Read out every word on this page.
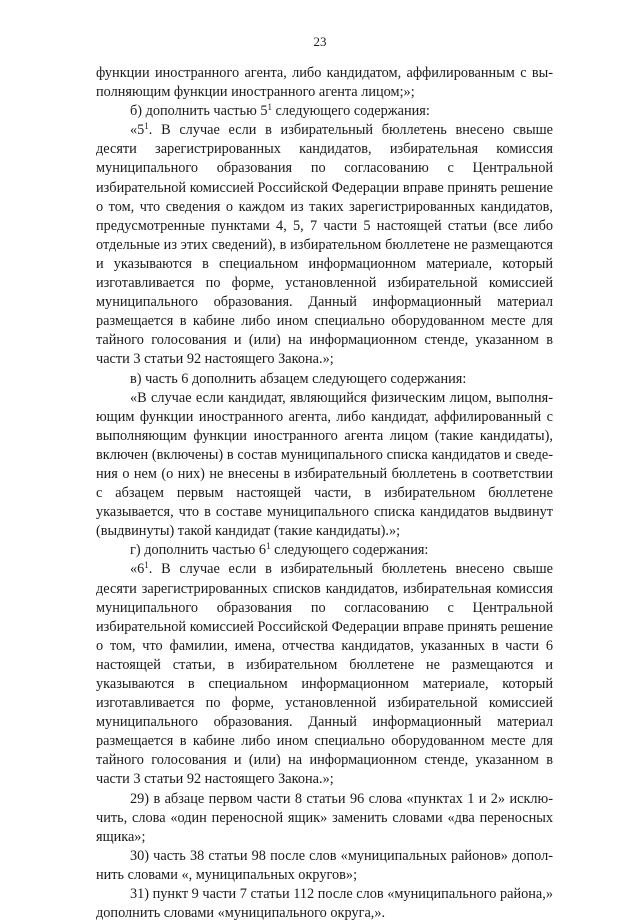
23

функции иностранного агента, либо кандидатом, аффилированным с выполняющим функции иностранного агента лицом;»;

б) дополнить частью $5^1$ следующего содержания:

«$5^1$. В случае если в избирательный бюллетень внесено свыше десяти зарегистрированных кандидатов, избирательная комиссия муниципального образования по согласованию с Центральной избирательной комиссией Российской Федерации вправе принять решение о том, что сведения о каждом из таких зарегистрированных кандидатов, предусмотренные пунктами 4, 5, 7 части 5 настоящей статьи (все либо отдельные из этих сведений), в избирательном бюллетене не размещаются и указываются в специальном информационном материале, который изготавливается по форме, установленной избирательной комиссией муниципального образования. Данный информационный материал размещается в кабине либо ином специально оборудованном месте для тайного голосования и (или) на информационном стенде, указанном в части 3 статьи 92 настоящего Закона.»;

в) часть 6 дополнить абзацем следующего содержания:

«В случае если кандидат, являющийся физическим лицом, выполняющим функции иностранного агента, либо кандидат, аффилированный с выполняющим функции иностранного агента лицом (такие кандидаты), включен (включены) в состав муниципального списка кандидатов и сведения о нем (о них) не внесены в избирательный бюллетень в соответствии с абзацем первым настоящей части, в избирательном бюллетене указывается, что в составе муниципального списка кандидатов выдвинут (выдвинуты) такой кандидат (такие кандидаты).»;

г) дополнить частью $6^1$ следующего содержания:

«$6^1$. В случае если в избирательный бюллетень внесено свыше десяти зарегистрированных списков кандидатов, избирательная комиссия муниципального образования по согласованию с Центральной избирательной комиссией Российской Федерации вправе принять решение о том, что фамилии, имена, отчества кандидатов, указанных в части 6 настоящей статьи, в избирательном бюллетене не размещаются и указываются в специальном информационном материале, который изготавливается по форме, установленной избирательной комиссией муниципального образования. Данный информационный материал размещается в кабине либо ином специально оборудованном месте для тайного голосования и (или) на информационном стенде, указанном в части 3 статьи 92 настоящего Закона.»;

29) в абзаце первом части 8 статьи 96 слова «пунктах 1 и 2» исключить, слова «один переносной ящик» заменить словами «два переносных ящика»;

30) часть 38 статьи 98 после слов «муниципальных районов» дополнить словами «, муниципальных округов»;

31) пункт 9 части 7 статьи 112 после слов «муниципального района,» дополнить словами «муниципального округа,».
